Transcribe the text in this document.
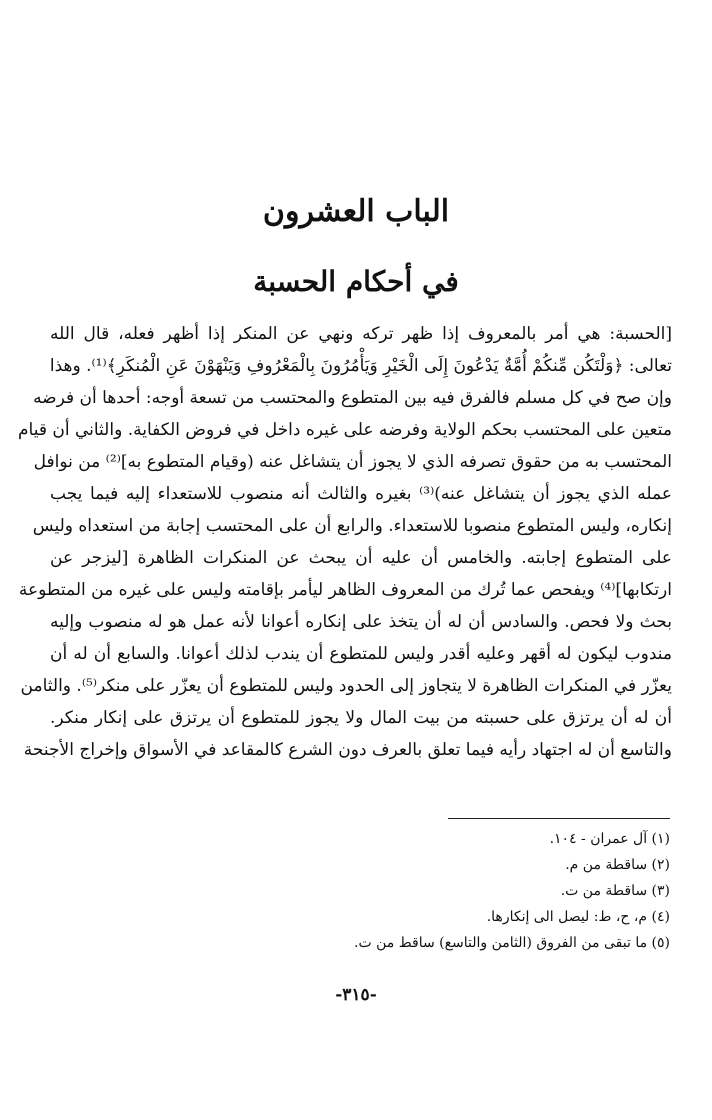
الباب العشرون
في أحكام الحسبة

[الحسبة: هي أمر بالمعروف إذا ظهر تركه ونهي عن المنكر إذا أظهر فعله، قال الله
تعالى: ﴿وَلْتَكُن مِّنكُمْ أُمَّةٌ يَدْعُونَ إِلَى الْخَيْرِ وَيَأْمُرُونَ بِالْمَعْرُوفِ وَيَنْهَوْنَ عَنِ الْمُنكَرِ﴾⁽¹⁾. وهذا
وإن صح في كل مسلم فالفرق فيه بين المتطوع والمحتسب من تسعة أوجه: أحدها أن فرضه
متعين على المحتسب بحكم الولاية وفرضه على غيره داخل في فروض الكفاية. والثاني أن قيام
المحتسب به من حقوق تصرفه الذي لا يجوز أن يتشاغل عنه (وقيام المتطوع به]⁽²⁾ من نوافل
عمله الذي يجوز أن يتشاغل عنه)⁽³⁾ بغيره والثالث أنه منصوب للاستعداء إليه فيما يجب
إنكاره، وليس المتطوع منصوبا للاستعداء. والرابع أن على المحتسب إجابة من استعداه وليس
على المتطوع إجابته. والخامس أن عليه أن يبحث عن المنكرات الظاهرة [ليزجر عن
ارتكابها]⁽⁴⁾ ويفحص عما تُرك من المعروف الظاهر ليأمر بإقامته وليس على غيره من المتطوعة
بحث ولا فحص. والسادس أن له أن يتخذ على إنكاره أعوانا لأنه عمل هو له منصوب وإليه
مندوب ليكون له أقهر وعليه أقدر وليس للمتطوع أن يندب لذلك أعوانا. والسابع أن له أن
يعزّر في المنكرات الظاهرة لا يتجاوز إلى الحدود وليس للمتطوع أن يعزّر على منكر⁽⁵⁾. والثامن
أن له أن يرتزق على حسبته من بيت المال ولا يجوز للمتطوع أن يرتزق على إنكار منكر.
والتاسع أن له اجتهاد رأيه فيما تعلق بالعرف دون الشرع كالمقاعد في الأسواق وإخراج الأجنحة

(١) آل عمران - ١٠٤.
(٢) ساقطة من م.
(٣) ساقطة من ت.
(٤) م، ح، ط: ليصل الى إنكارها.
(٥) ما تبقى من الفروق (الثامن والتاسع) ساقط من ت.
-٣١٥-
